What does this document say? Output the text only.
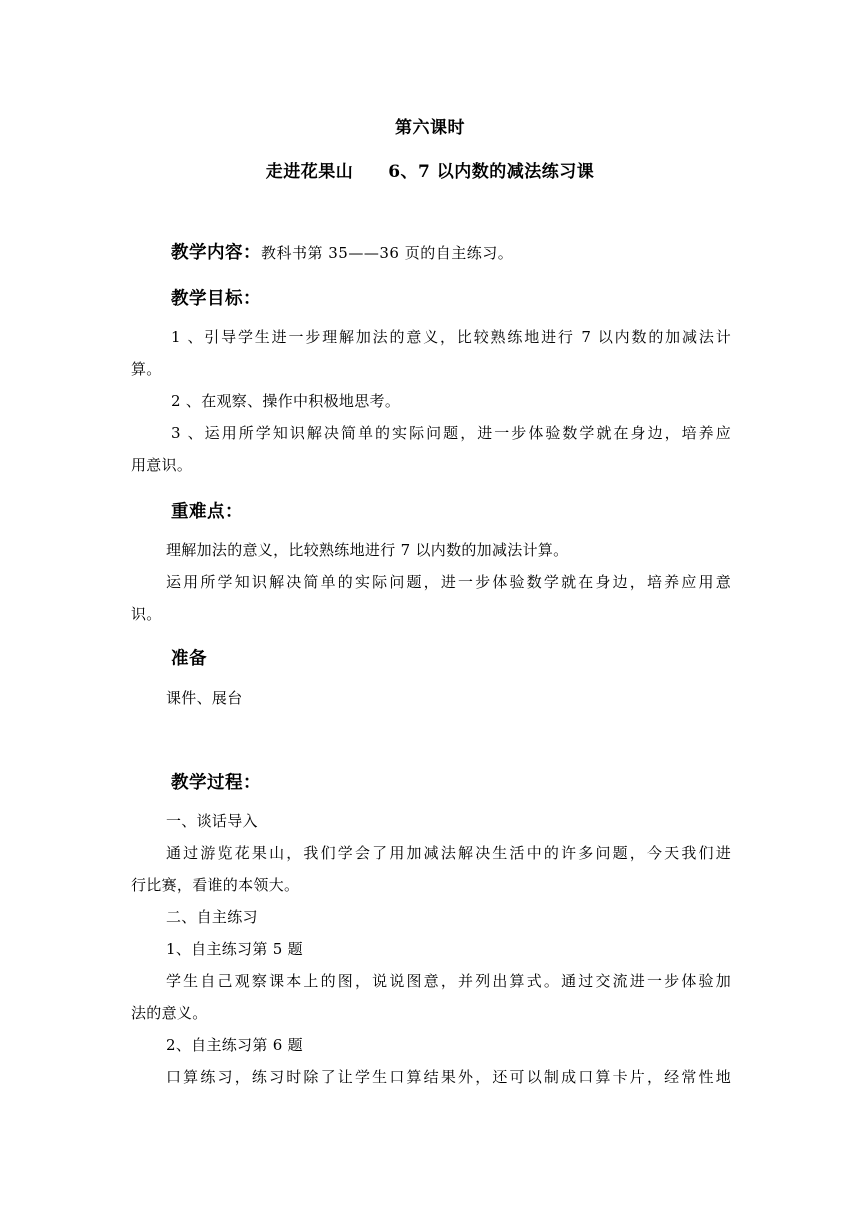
第六课时
走进花果山　　6、7 以内数的减法练习课
教学内容：教科书第 35——36 页的自主练习。
教学目标：
1 、引导学生进一步理解加法的意义，比较熟练地进行 7 以内数的加减法计
算。
2 、在观察、操作中积极地思考。
3 、运用所学知识解决简单的实际问题，进一步体验数学就在身边，培养应
用意识。
重难点：
理解加法的意义，比较熟练地进行 7 以内数的加减法计算。
运用所学知识解决简单的实际问题，进一步体验数学就在身边，培养应用意
识。
准备
课件、展台
教学过程：
一、谈话导入
通过游览花果山，我们学会了用加减法解决生活中的许多问题，今天我们进
行比赛，看谁的本领大。
二、自主练习
1、自主练习第 5 题
学生自己观察课本上的图，说说图意，并列出算式。通过交流进一步体验加
法的意义。
2、自主练习第 6 题
口算练习，练习时除了让学生口算结果外，还可以制成口算卡片，经常性地
